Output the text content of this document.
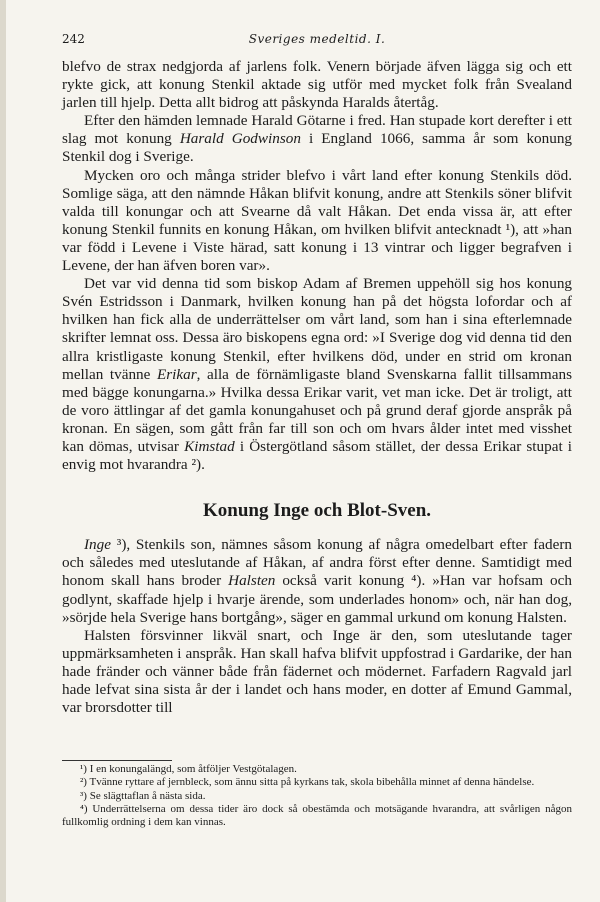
242	Sveriges medeltid. I.

blefvo de strax nedgjorda af jarlens folk. Venern började äfven lägga sig och ett rykte gick, att konung Stenkil aktade sig utför med mycket folk från Svealand jarlen till hjelp. Detta allt bidrog att påskynda Haralds återtåg.

Efter den hämden lemnade Harald Götarne i fred. Han stupade kort derefter i ett slag mot konung Harald Godwinson i England 1066, samma år som konung Stenkil dog i Sverige.

Mycken oro och många strider blefvo i vårt land efter konung Stenkils död. Somlige säga, att den nämnde Håkan blifvit konung, andre att Stenkils söner blifvit valda till konungar och att Svearne då valt Håkan. Det enda vissa är, att efter konung Stenkil funnits en konung Håkan, om hvilken blifvit antecknadt ¹), att »han var född i Levene i Viste härad, satt konung i 13 vintrar och ligger begrafven i Levene, der han äfven boren var».

Det var vid denna tid som biskop Adam af Bremen uppehöll sig hos konung Svén Estridsson i Danmark, hvilken konung han på det högsta lofordar och af hvilken han fick alla de underrättelser om vårt land, som han i sina efterlemnade skrifter lemnat oss. Dessa äro biskopens egna ord: »I Sverige dog vid denna tid den allra kristligaste konung Stenkil, efter hvilkens död, under en strid om kronan mellan tvänne Erikar, alla de förnämligaste bland Svenskarna fallit tillsammans med bägge konungarna.» Hvilka dessa Erikar varit, vet man icke. Det är troligt, att de voro ättlingar af det gamla konungahuset och på grund deraf gjorde anspråk på kronan. En sägen, som gått från far till son och om hvars ålder intet med visshet kan dömas, utvisar Kimstad i Östergötland såsom stället, der dessa Erikar stupat i envig mot hvarandra ²).

Konung Inge och Blot-Sven.

Inge ³), Stenkils son, nämnes såsom konung af några omedelbart efter fadern och således med uteslutande af Håkan, af andra först efter denne. Samtidigt med honom skall hans broder Halsten också varit konung ⁴). »Han var hofsam och godlynt, skaffade hjelp i hvarje ärende, som underlades honom» och, när han dog, »sörjde hela Sverige hans bortgång», säger en gammal urkund om konung Halsten.

Halsten försvinner likväl snart, och Inge är den, som uteslutande tager uppmärksamheten i anspråk. Han skall hafva blifvit uppfostrad i Gardarike, der han hade fränder och vänner både från fädernet och mödernet. Farfadern Ragvald jarl hade lefvat sina sista år der i landet och hans moder, en dotter af Emund Gammal, var brorsdotter till

¹) I en konungalängd, som åtföljer Vestgötalagen.

²) Tvänne ryttare af jernbleck, som ännu sitta på kyrkans tak, skola bibehålla minnet af denna händelse.

³) Se slägttaflan å nästa sida.

⁴) Underrättelserna om dessa tider äro dock så obestämda och motsägande hvarandra, att svårligen någon fullkomlig ordning i dem kan vinnas.
